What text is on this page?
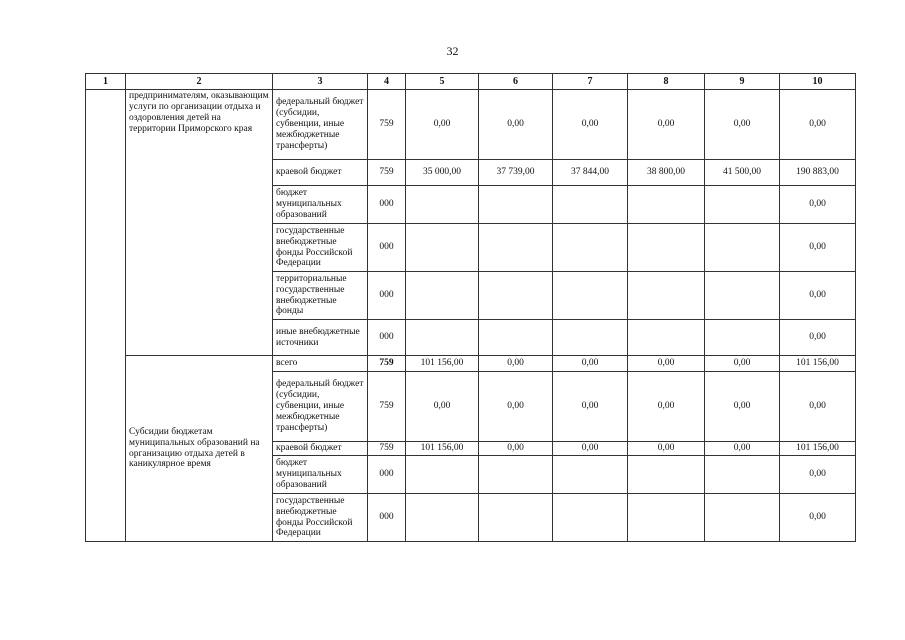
32
1	2	3	4	5	6	7	8	9	10
	предпринимателям, оказывающим услуги по организации отдыха и оздоровления детей на территории Приморского края	федеральный бюджет (субсидии, субвенции, иные межбюджетные трансферты)	759	0,00	0,00	0,00	0,00	0,00	0,00
		краевой бюджет	759	35 000,00	37 739,00	37 844,00	38 800,00	41 500,00	190 883,00
		бюджет муниципальных образований	000						0,00
		государственные внебюджетные фонды Российской Федерации	000						0,00
		территориальные государственные внебюджетные фонды	000						0,00
		иные внебюджетные источники	000						0,00
	Субсидии бюджетам муниципальных образований на организацию отдыха детей в каникулярное время	всего	759	101 156,00	0,00	0,00	0,00	0,00	101 156,00
		федеральный бюджет (субсидии, субвенции, иные межбюджетные трансферты)	759	0,00	0,00	0,00	0,00	0,00	0,00
		краевой бюджет	759	101 156,00	0,00	0,00	0,00	0,00	101 156,00
		бюджет муниципальных образований	000						0,00
		государственные внебюджетные фонды Российской Федерации	000						0,00
